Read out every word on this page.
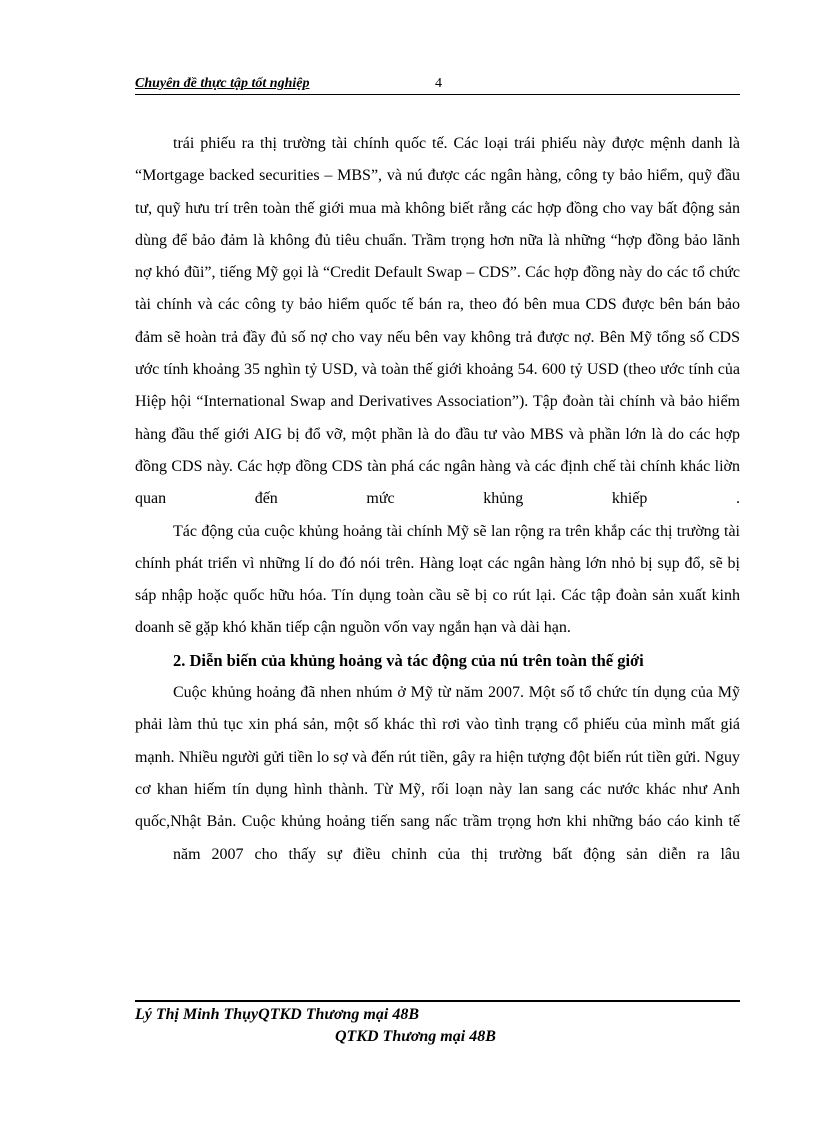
Chuyên đề thực tập tốt nghiệp	4

trái phiếu ra thị trường tài chính quốc tế. Các loại trái phiếu này được mệnh danh là “Mortgage backed securities – MBS”, và nú được các ngân hàng, công ty bảo hiểm, quỹ đầu tư, quỹ hưu trí trên toàn thế giới mua mà không biết rằng các hợp đồng cho vay bất động sản dùng để bảo đảm là không đủ tiêu chuẩn. Trầm trọng hơn nữa là những “hợp đồng bảo lãnh nợ khó đũi”, tiếng Mỹ gọi là “Credit Default Swap – CDS”. Các hợp đồng này do các tổ chức tài chính và các công ty bảo hiểm quốc tế bán ra, theo đó bên mua CDS được bên bán bảo đảm sẽ hoàn trả đầy đủ số nợ cho vay nếu bên vay không trả được nợ. Bên Mỹ tổng số CDS ước tính khoảng 35 nghìn tỷ USD, và toàn thế giới khoảng 54. 600 tỷ USD (theo ước tính của Hiệp hội “International Swap and Derivatives Association”). Tập đoàn tài chính và bảo hiểm hàng đầu thế giới AIG bị đổ vỡ, một phần là do đầu tư vào MBS và phần lớn là do các hợp đồng CDS này. Các hợp đồng CDS tàn phá các ngân hàng và các định chế tài chính khác liờn quan đến mức khủng khiếp .

Tác động của cuộc khủng hoảng tài chính Mỹ sẽ lan rộng ra trên khắp các thị trường tài chính phát triển vì những lí do đó nói trên. Hàng loạt các ngân hàng lớn nhỏ bị sụp đổ, sẽ bị sáp nhập hoặc quốc hữu hóa. Tín dụng toàn cầu sẽ bị co rút lại. Các tập đoàn sản xuất kinh doanh sẽ gặp khó khăn tiếp cận nguồn vốn vay ngắn hạn và dài hạn.

2. Diễn biến của khủng hoảng và tác động của nú trên toàn thế giới

Cuộc khủng hoảng đã nhen nhúm ở Mỹ từ năm 2007. Một số tổ chức tín dụng của Mỹ phải làm thủ tục xin phá sản, một số khác thì rơi vào tình trạng cổ phiếu của mình mất giá mạnh. Nhiều người gửi tiền lo sợ và đến rút tiền, gây ra hiện tượng đột biến rút tiền gửi. Nguy cơ khan hiếm tín dụng hình thành. Từ Mỹ, rối loạn này lan sang các nước khác như Anh quốc,Nhật Bản. Cuộc khủng hoảng tiến sang nấc trầm trọng hơn khi những báo cáo kinh tế

năm 2007 cho thấy sự điều chỉnh của thị trường bất động sản diễn ra lâu

Lý Thị Minh ThụyQTKD Thương mại 48B
QTKD Thương mại 48B
